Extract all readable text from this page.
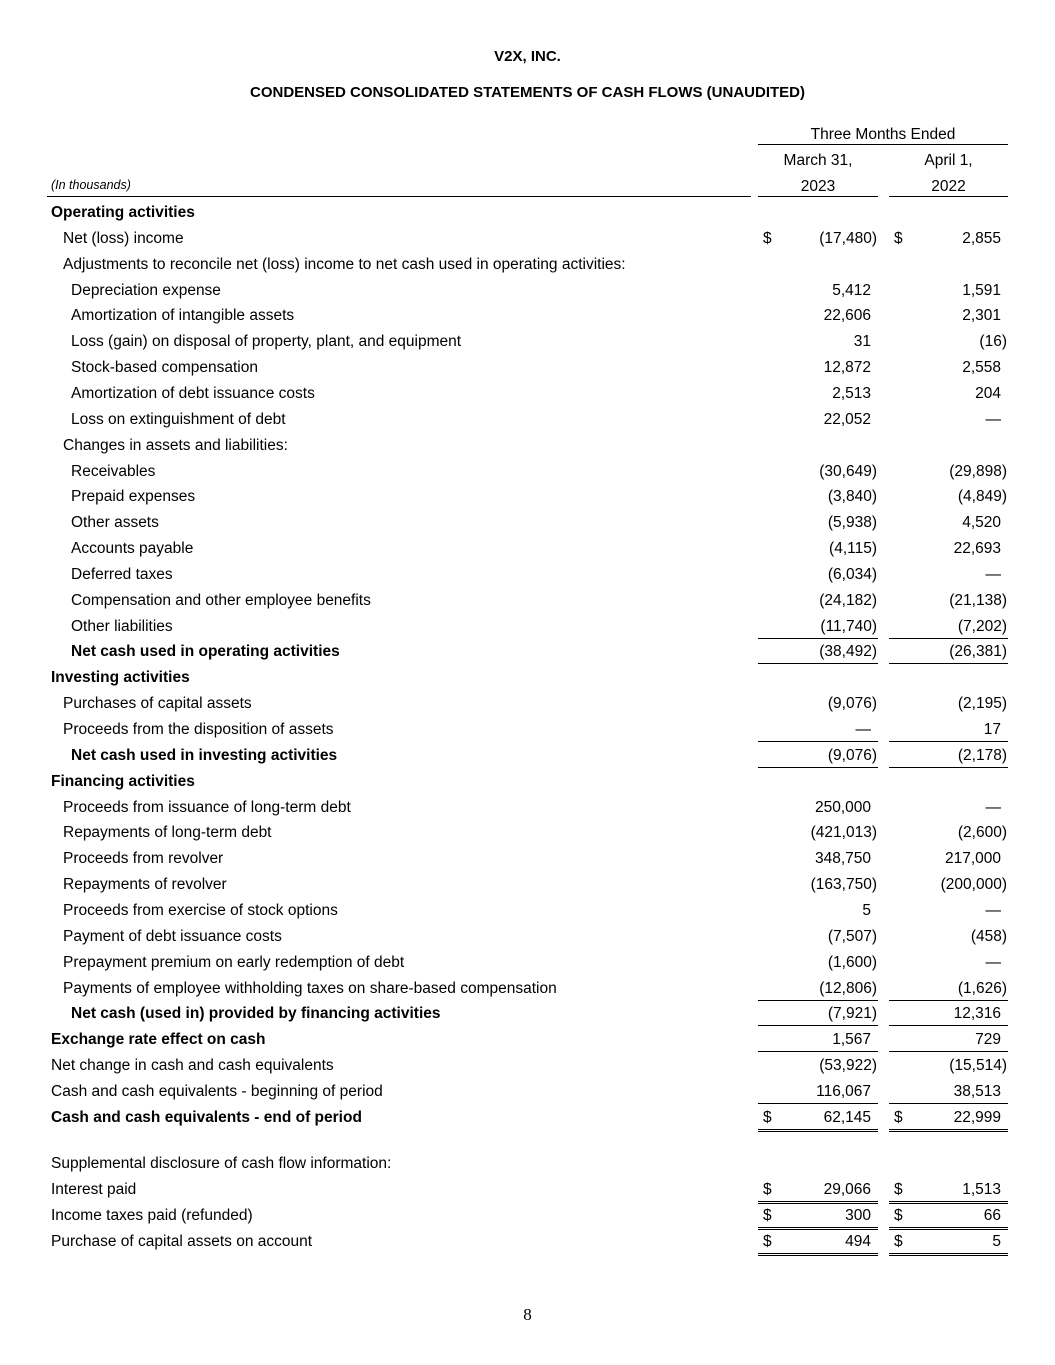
V2X, INC.
CONDENSED CONSOLIDATED STATEMENTS OF CASH FLOWS (UNAUDITED)
Three Months Ended
March 31,	April 1,
2023	2022
(In thousands)
Operating activities
Net (loss) income	$	(17,480) $	2,855
Adjustments to reconcile net (loss) income to net cash used in operating activities:
Depreciation expense	5,412	1,591
Amortization of intangible assets	22,606	2,301
Loss (gain) on disposal of property, plant, and equipment	31	(16)
Stock-based compensation	12,872	2,558
Amortization of debt issuance costs	2,513	204
Loss on extinguishment of debt	22,052	—
Changes in assets and liabilities:
Receivables	(30,649)	(29,898)
Prepaid expenses	(3,840)	(4,849)
Other assets	(5,938)	4,520
Accounts payable	(4,115)	22,693
Deferred taxes	(6,034)	—
Compensation and other employee benefits	(24,182)	(21,138)
Other liabilities	(11,740)	(7,202)
Net cash used in operating activities	(38,492)	(26,381)
Investing activities
Purchases of capital assets	(9,076)	(2,195)
Proceeds from the disposition of assets	—	17
Net cash used in investing activities	(9,076)	(2,178)
Financing activities
Proceeds from issuance of long-term debt	250,000	—
Repayments of long-term debt	(421,013)	(2,600)
Proceeds from revolver	348,750	217,000
Repayments of revolver	(163,750)	(200,000)
Proceeds from exercise of stock options	5	—
Payment of debt issuance costs	(7,507)	(458)
Prepayment premium on early redemption of debt	(1,600)	—
Payments of employee withholding taxes on share-based compensation	(12,806)	(1,626)
Net cash (used in) provided by financing activities	(7,921)	12,316
Exchange rate effect on cash	1,567	729
Net change in cash and cash equivalents	(53,922)	(15,514)
Cash and cash equivalents - beginning of period	116,067	38,513
Cash and cash equivalents - end of period	$	62,145 $	22,999
Supplemental disclosure of cash flow information:
Interest paid	$	29,066 $	1,513
Income taxes paid (refunded)	$	300 $	66
Purchase of capital assets on account	$	494 $	5
8
